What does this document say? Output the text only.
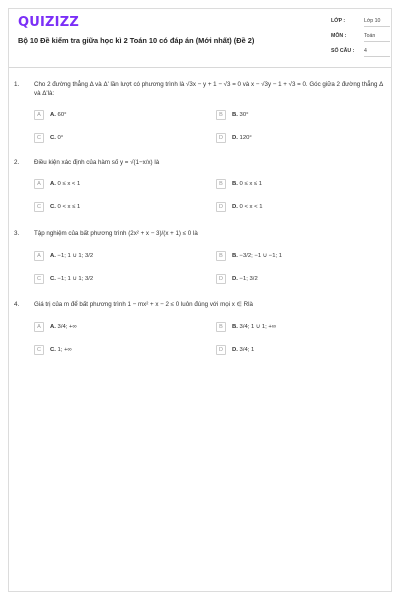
QUIZIZZ
Bộ 10 Đề kiểm tra giữa học kì 2 Toán 10 có đáp án (Mới nhất) (Đề 2)
LỚP :	Lớp 10
MÔN :	Toán
SỐ CÂU : 4
1. Cho 2 đường thẳng Δ và Δ' lần lượt có phương trình là √3x − y + 1 − √3 = 0 và x − √3y − 1 + √3 = 0. Góc giữa 2 đường thẳng Δ và Δ'là:
A	A. 60°	B	B. 30°
C	C. 0°	D	D. 120°
2. Điều kiện xác định của hàm số y = √(1−x/x) là
A	A. 0 ≤ x < 1	B	B. 0 ≤ x ≤ 1
C	C. 0 < x ≤ 1	D	D. 0 < x < 1
3. Tập nghiệm của bất phương trình (2x² + x − 3)/(x + 1) ≤ 0 là
A	A. −1; 1 ∪ 1; 3/2	B	B. −3/2; −1 ∪ −1; 1
C	C. −1; 1 ∪ 1; 3/2	D	D. −1; 3/2
4. Giá trị của m để bất phương trình 1 − mx² + x − 2 ≤ 0 luôn đúng với mọi x ∈ Rlà
A	A. 3/4; +∞	B	B. 3/4; 1 ∪ 1; +∞
C	C. 1; +∞	D	D. 3/4; 1
